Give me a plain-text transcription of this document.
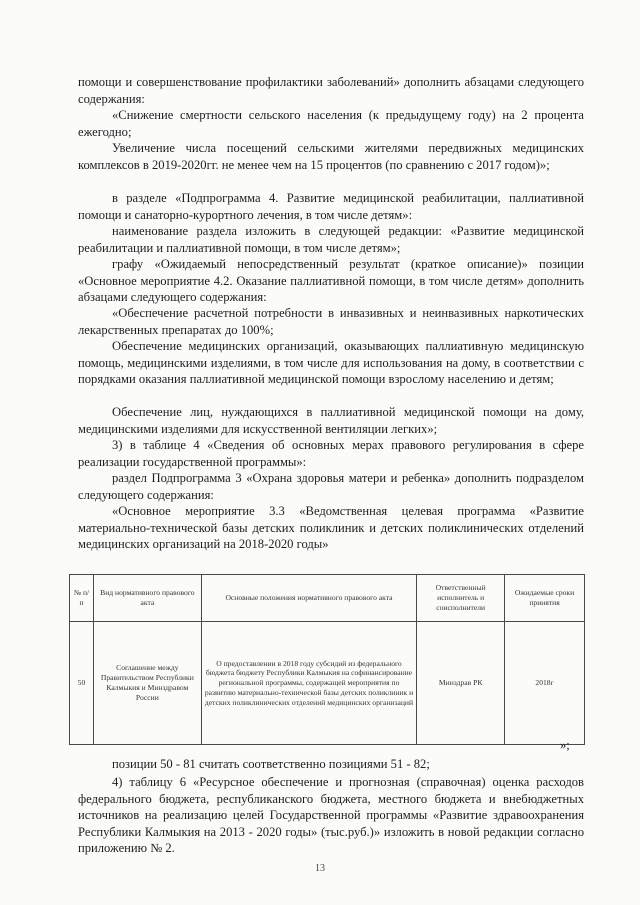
помощи и совершенствование профилактики заболеваний» дополнить абзацами следующего содержания:

«Снижение смертности сельского населения (к предыдущему году) на 2 процента ежегодно;

Увеличение числа посещений сельскими жителями передвижных медицинских комплексов в 2019-2020гг. не менее чем на 15 процентов (по сравнению с 2017 годом)»;

в разделе «Подпрограмма 4. Развитие медицинской реабилитации, паллиативной помощи и санаторно-курортного лечения, в том числе детям»:

наименование раздела изложить в следующей редакции: «Развитие медицинской реабилитации и паллиативной помощи, в том числе детям»;

графу «Ожидаемый непосредственный результат (краткое описание)» позиции «Основное мероприятие 4.2. Оказание паллиативной помощи, в том числе детям» дополнить абзацами следующего содержания:

«Обеспечение расчетной потребности в инвазивных и неинвазивных наркотических лекарственных препаратах до 100%;

Обеспечение медицинских организаций, оказывающих паллиативную медицинскую помощь, медицинскими изделиями, в том числе для использования на дому, в соответствии с порядками оказания паллиативной медицинской помощи взрослому населению и детям;

Обеспечение лиц, нуждающихся в паллиативной медицинской помощи на дому, медицинскими изделиями для искусственной вентиляции легких»;

3) в таблице 4 «Сведения об основных мерах правового регулирования в сфере реализации государственной программы»:

раздел Подпрограмма 3 «Охрана здоровья матери и ребенка» дополнить подразделом следующего содержания:

«Основное мероприятие 3.3 «Ведомственная целевая программа «Развитие материально-технической базы детских поликлиник и детских поликлинических отделений медицинских организаций на 2018-2020 годы»

№ п/п	Вид нормативного правового акта	Основные положения нормативного правового акта	Ответственный исполнитель и соисполнители	Ожидаемые сроки принятия
50	Соглашение между Правительством Республики Калмыкия и Минздравом России	О предоставлении в 2018 году субсидий из федерального бюджета бюджету Республики Калмыкия на софинансирование региональной программы, содержащей мероприятия по развитию материально-технической базы детских поликлиник и детских поликлинических отделений медицинских организаций	Минздрав РК	2018г
»;

позиции 50 - 81 считать соответственно позициями 51 - 82;

4) таблицу 6 «Ресурсное обеспечение и прогнозная (справочная) оценка расходов федерального бюджета, республиканского бюджета, местного бюджета и внебюджетных источников на реализацию целей Государственной программы «Развитие здравоохранения Республики Калмыкия на 2013 - 2020 годы» (тыс.руб.)» изложить в новой редакции согласно приложению № 2.

13
